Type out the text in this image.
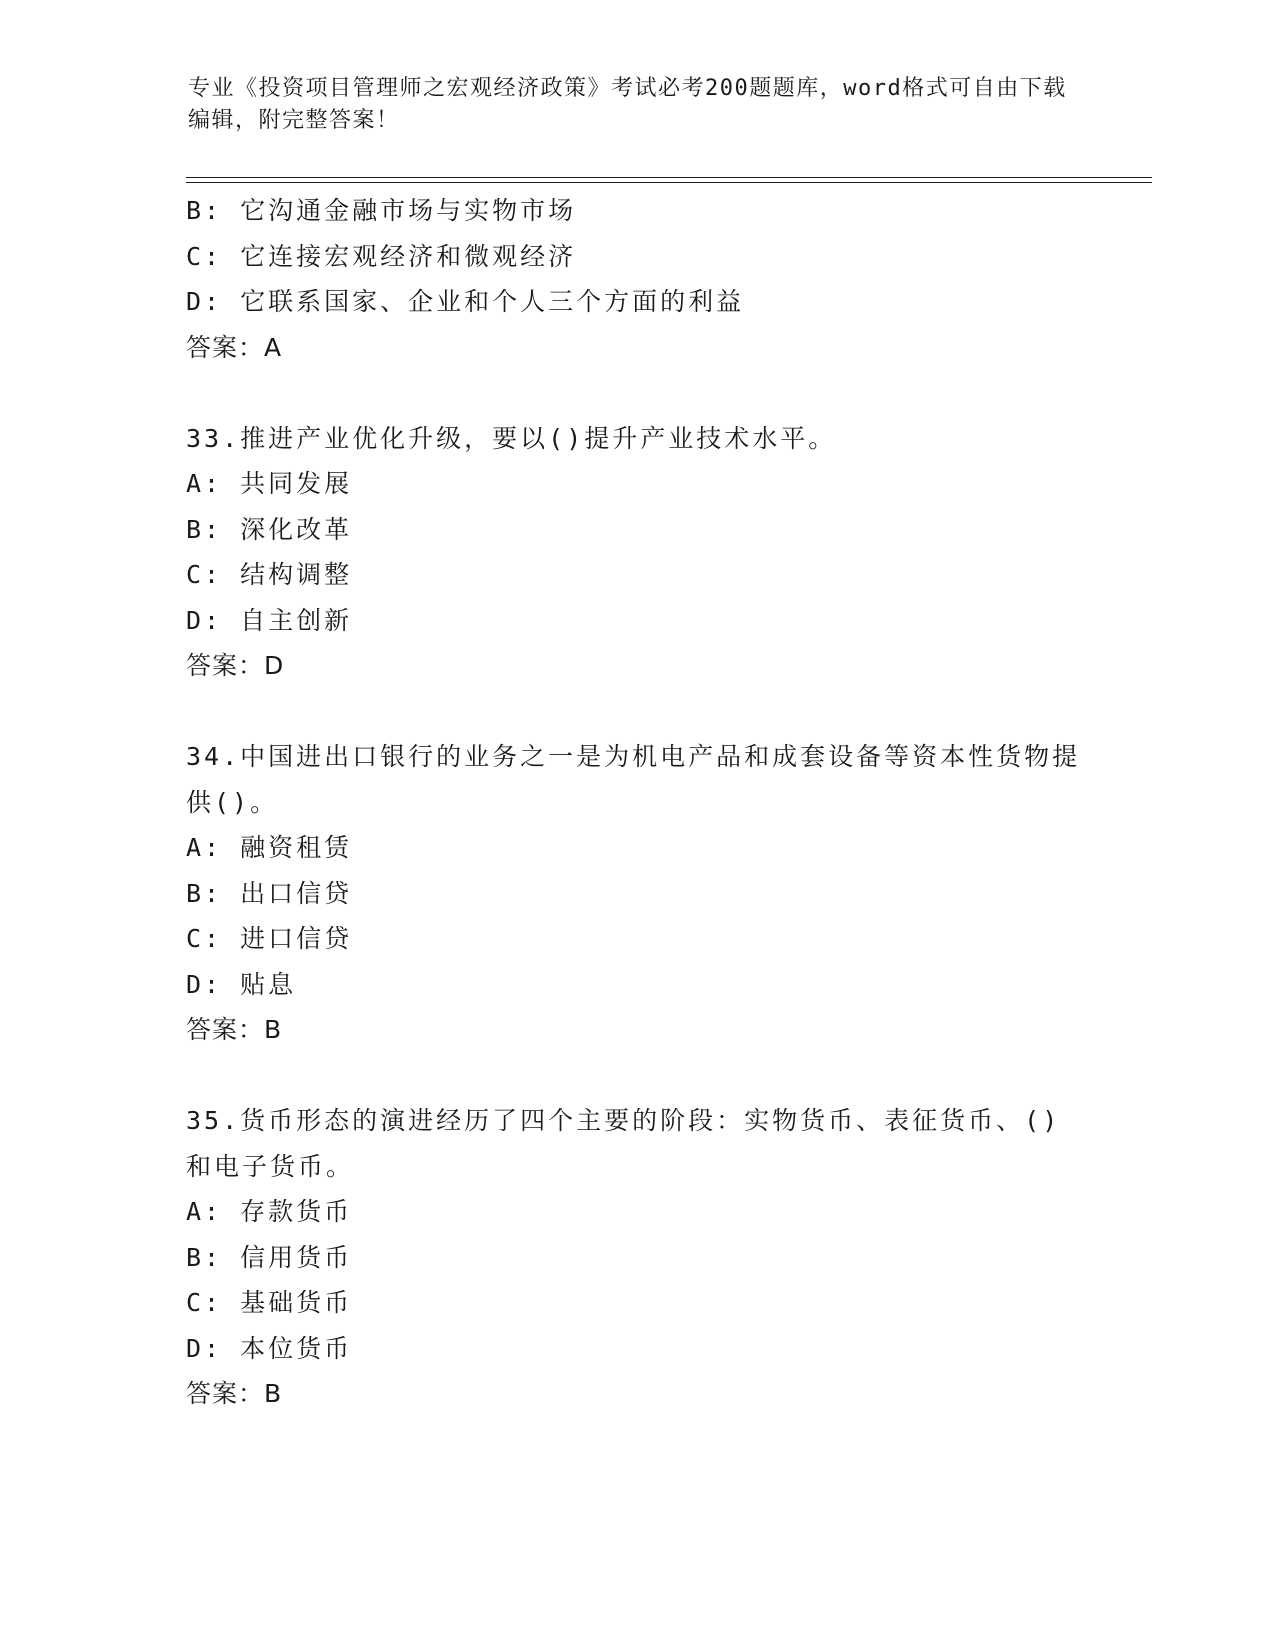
专业《投资项目管理师之宏观经济政策》考试必考200题题库，word格式可自由下载编辑，附完整答案！
B: 它沟通金融市场与实物市场
C: 它连接宏观经济和微观经济
D: 它联系国家、企业和个人三个方面的利益
答案：A
33.推进产业优化升级，要以()提升产业技术水平。
A: 共同发展
B: 深化改革
C: 结构调整
D: 自主创新
答案：D
34.中国进出口银行的业务之一是为机电产品和成套设备等资本性货物提供()。
A: 融资租赁
B: 出口信贷
C: 进口信贷
D: 贴息
答案：B
35.货币形态的演进经历了四个主要的阶段：实物货币、表征货币、()和电子货币。
A: 存款货币
B: 信用货币
C: 基础货币
D: 本位货币
答案：B
